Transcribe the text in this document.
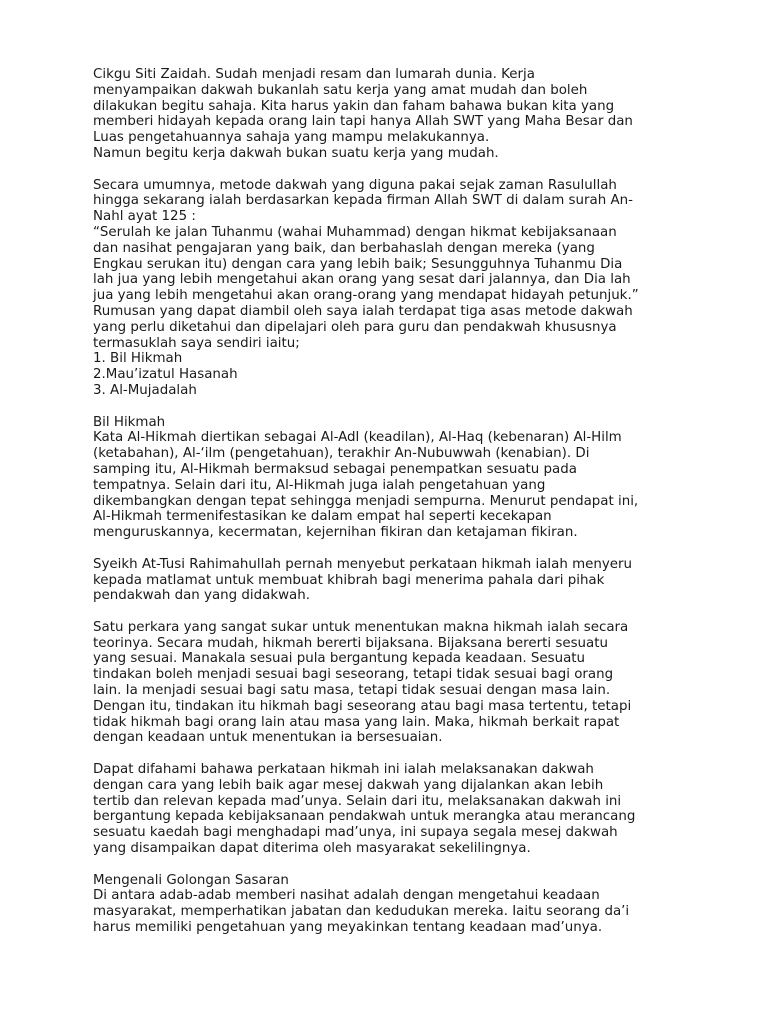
Cikgu Siti Zaidah. Sudah menjadi resam dan lumarah dunia. Kerja
menyampaikan dakwah bukanlah satu kerja yang amat mudah dan boleh
dilakukan begitu sahaja. Kita harus yakin dan faham bahawa bukan kita yang
memberi hidayah kepada orang lain tapi hanya Allah SWT yang Maha Besar dan
Luas pengetahuannya sahaja yang mampu melakukannya.
Namun begitu kerja dakwah bukan suatu kerja yang mudah.
Secara umumnya, metode dakwah yang diguna pakai sejak zaman Rasulullah
hingga sekarang ialah berdasarkan kepada firman Allah SWT di dalam surah An-
Nahl ayat 125 :
“Serulah ke jalan Tuhanmu (wahai Muhammad) dengan hikmat kebijaksanaan
dan nasihat pengajaran yang baik, dan berbahaslah dengan mereka (yang
Engkau serukan itu) dengan cara yang lebih baik; Sesungguhnya Tuhanmu Dia
lah jua yang lebih mengetahui akan orang yang sesat dari jalannya, dan Dia lah
jua yang lebih mengetahui akan orang-orang yang mendapat hidayah petunjuk.”
Rumusan yang dapat diambil oleh saya ialah terdapat tiga asas metode dakwah
yang perlu diketahui dan dipelajari oleh para guru dan pendakwah khususnya
termasuklah saya sendiri iaitu;
1. Bil Hikmah
2.Mau’izatul Hasanah
3. Al-Mujadalah
Bil Hikmah
Kata Al-Hikmah diertikan sebagai Al-Adl (keadilan), Al-Haq (kebenaran) Al-Hilm
(ketabahan), Al-‘ilm (pengetahuan), terakhir An-Nubuwwah (kenabian). Di
samping itu, Al-Hikmah bermaksud sebagai penempatkan sesuatu pada
tempatnya. Selain dari itu, Al-Hikmah juga ialah pengetahuan yang
dikembangkan dengan tepat sehingga menjadi sempurna. Menurut pendapat ini,
Al-Hikmah termenifestasikan ke dalam empat hal seperti kecekapan
menguruskannya, kecermatan, kejernihan fikiran dan ketajaman fikiran.
Syeikh At-Tusi Rahimahullah pernah menyebut perkataan hikmah ialah menyeru
kepada matlamat untuk membuat khibrah bagi menerima pahala dari pihak
pendakwah dan yang didakwah.
Satu perkara yang sangat sukar untuk menentukan makna hikmah ialah secara
teorinya. Secara mudah, hikmah bererti bijaksana. Bijaksana bererti sesuatu
yang sesuai. Manakala sesuai pula bergantung kepada keadaan. Sesuatu
tindakan boleh menjadi sesuai bagi seseorang, tetapi tidak sesuai bagi orang
lain. Ia menjadi sesuai bagi satu masa, tetapi tidak sesuai dengan masa lain.
Dengan itu, tindakan itu hikmah bagi seseorang atau bagi masa tertentu, tetapi
tidak hikmah bagi orang lain atau masa yang lain. Maka, hikmah berkait rapat
dengan keadaan untuk menentukan ia bersesuaian.
Dapat difahami bahawa perkataan hikmah ini ialah melaksanakan dakwah
dengan cara yang lebih baik agar mesej dakwah yang dijalankan akan lebih
tertib dan relevan kepada mad’unya. Selain dari itu, melaksanakan dakwah ini
bergantung kepada kebijaksanaan pendakwah untuk merangka atau merancang
sesuatu kaedah bagi menghadapi mad’unya, ini supaya segala mesej dakwah
yang disampaikan dapat diterima oleh masyarakat sekelilingnya.
Mengenali Golongan Sasaran
Di antara adab-adab memberi nasihat adalah dengan mengetahui keadaan
masyarakat, memperhatikan jabatan dan kedudukan mereka. Iaitu seorang da’i
harus memiliki pengetahuan yang meyakinkan tentang keadaan mad’unya.
